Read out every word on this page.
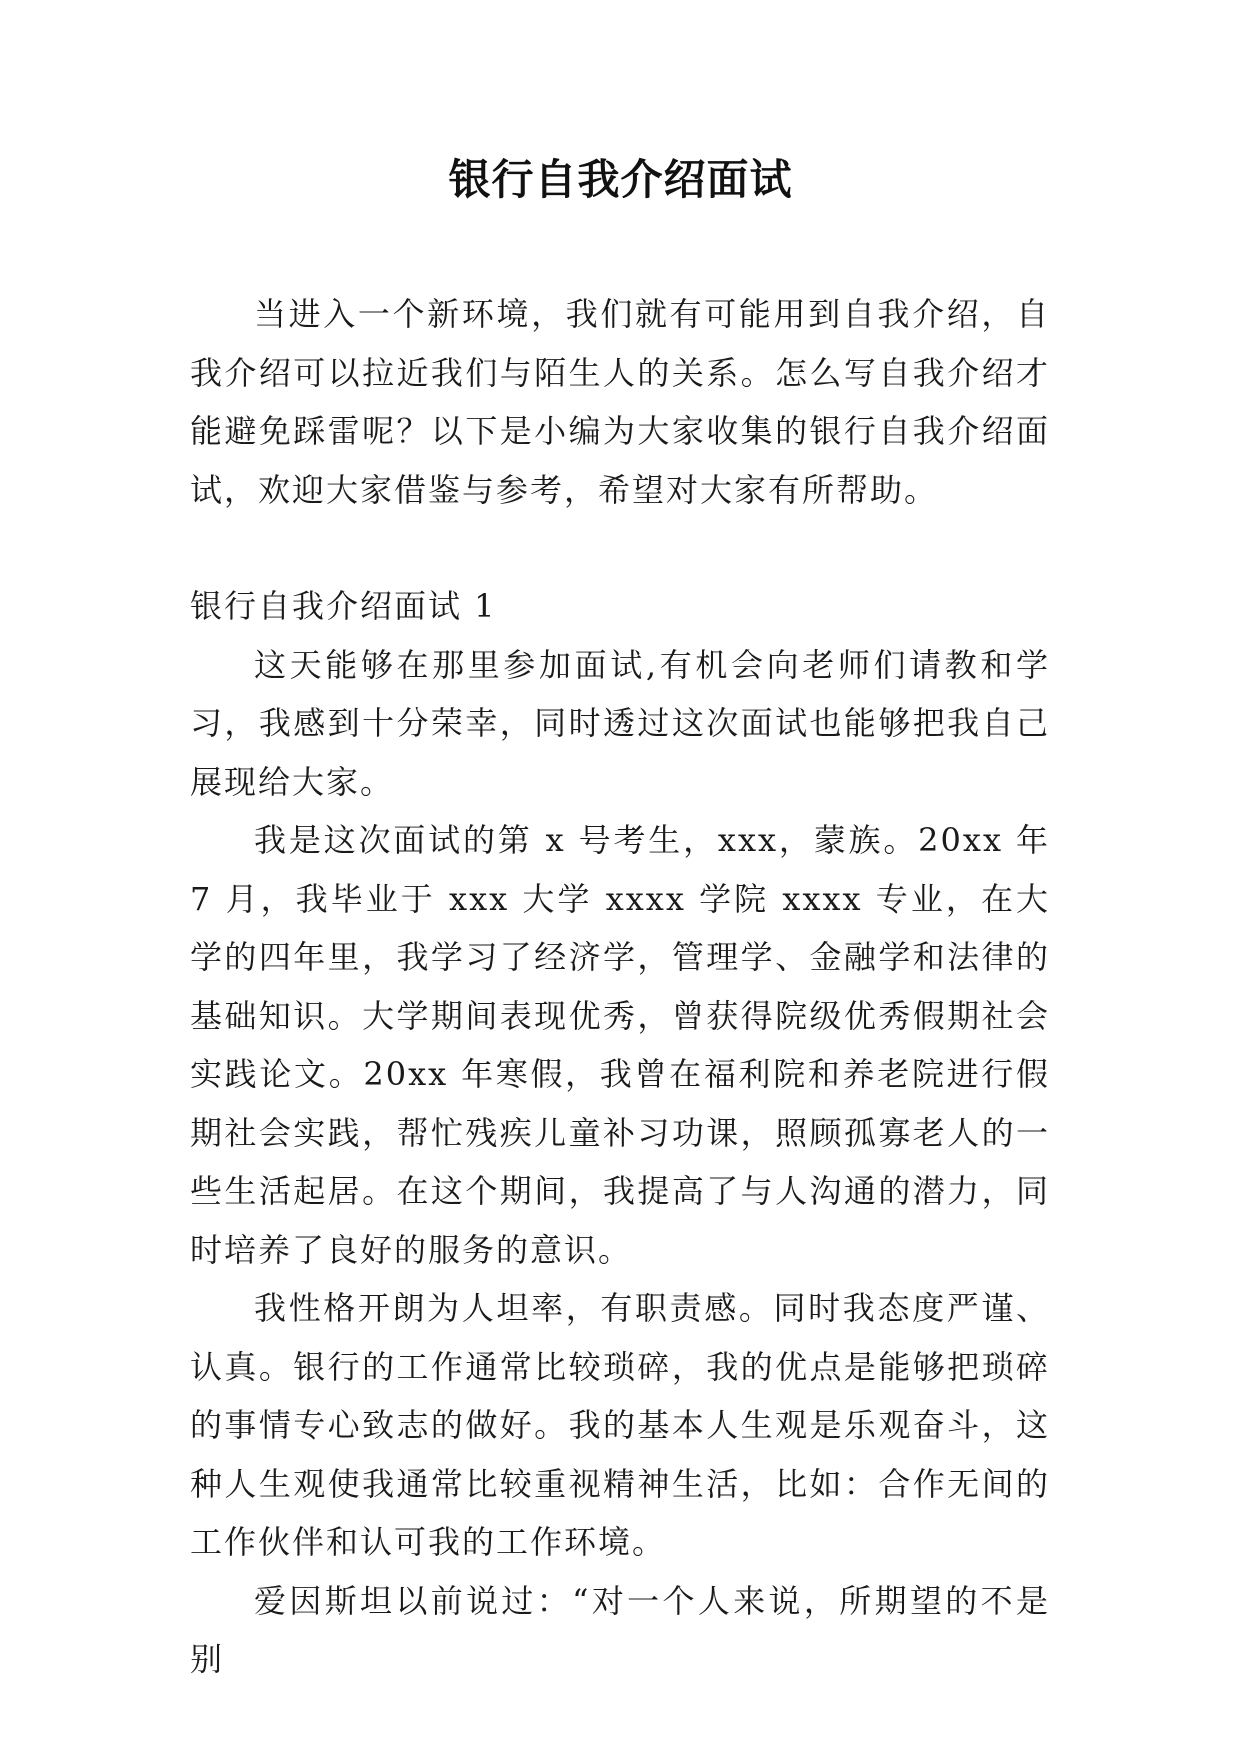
银行自我介绍面试

当进入一个新环境，我们就有可能用到自我介绍，自我介绍可以拉近我们与陌生人的关系。怎么写自我介绍才能避免踩雷呢？以下是小编为大家收集的银行自我介绍面试，欢迎大家借鉴与参考，希望对大家有所帮助。

银行自我介绍面试 1

这天能够在那里参加面试,有机会向老师们请教和学习，我感到十分荣幸，同时透过这次面试也能够把我自己展现给大家。

我是这次面试的第 x 号考生，xxx，蒙族。20xx 年 7 月，我毕业于 xxx 大学 xxxx 学院 xxxx 专业，在大学的四年里，我学习了经济学，管理学、金融学和法律的基础知识。大学期间表现优秀，曾获得院级优秀假期社会实践论文。20xx 年寒假，我曾在福利院和养老院进行假期社会实践，帮忙残疾儿童补习功课，照顾孤寡老人的一些生活起居。在这个期间，我提高了与人沟通的潜力，同时培养了良好的服务的意识。

我性格开朗为人坦率，有职责感。同时我态度严谨、认真。银行的工作通常比较琐碎，我的优点是能够把琐碎的事情专心致志的做好。我的基本人生观是乐观奋斗，这种人生观使我通常比较重视精神生活，比如：合作无间的工作伙伴和认可我的工作环境。

爱因斯坦以前说过：“对一个人来说，所期望的不是别
